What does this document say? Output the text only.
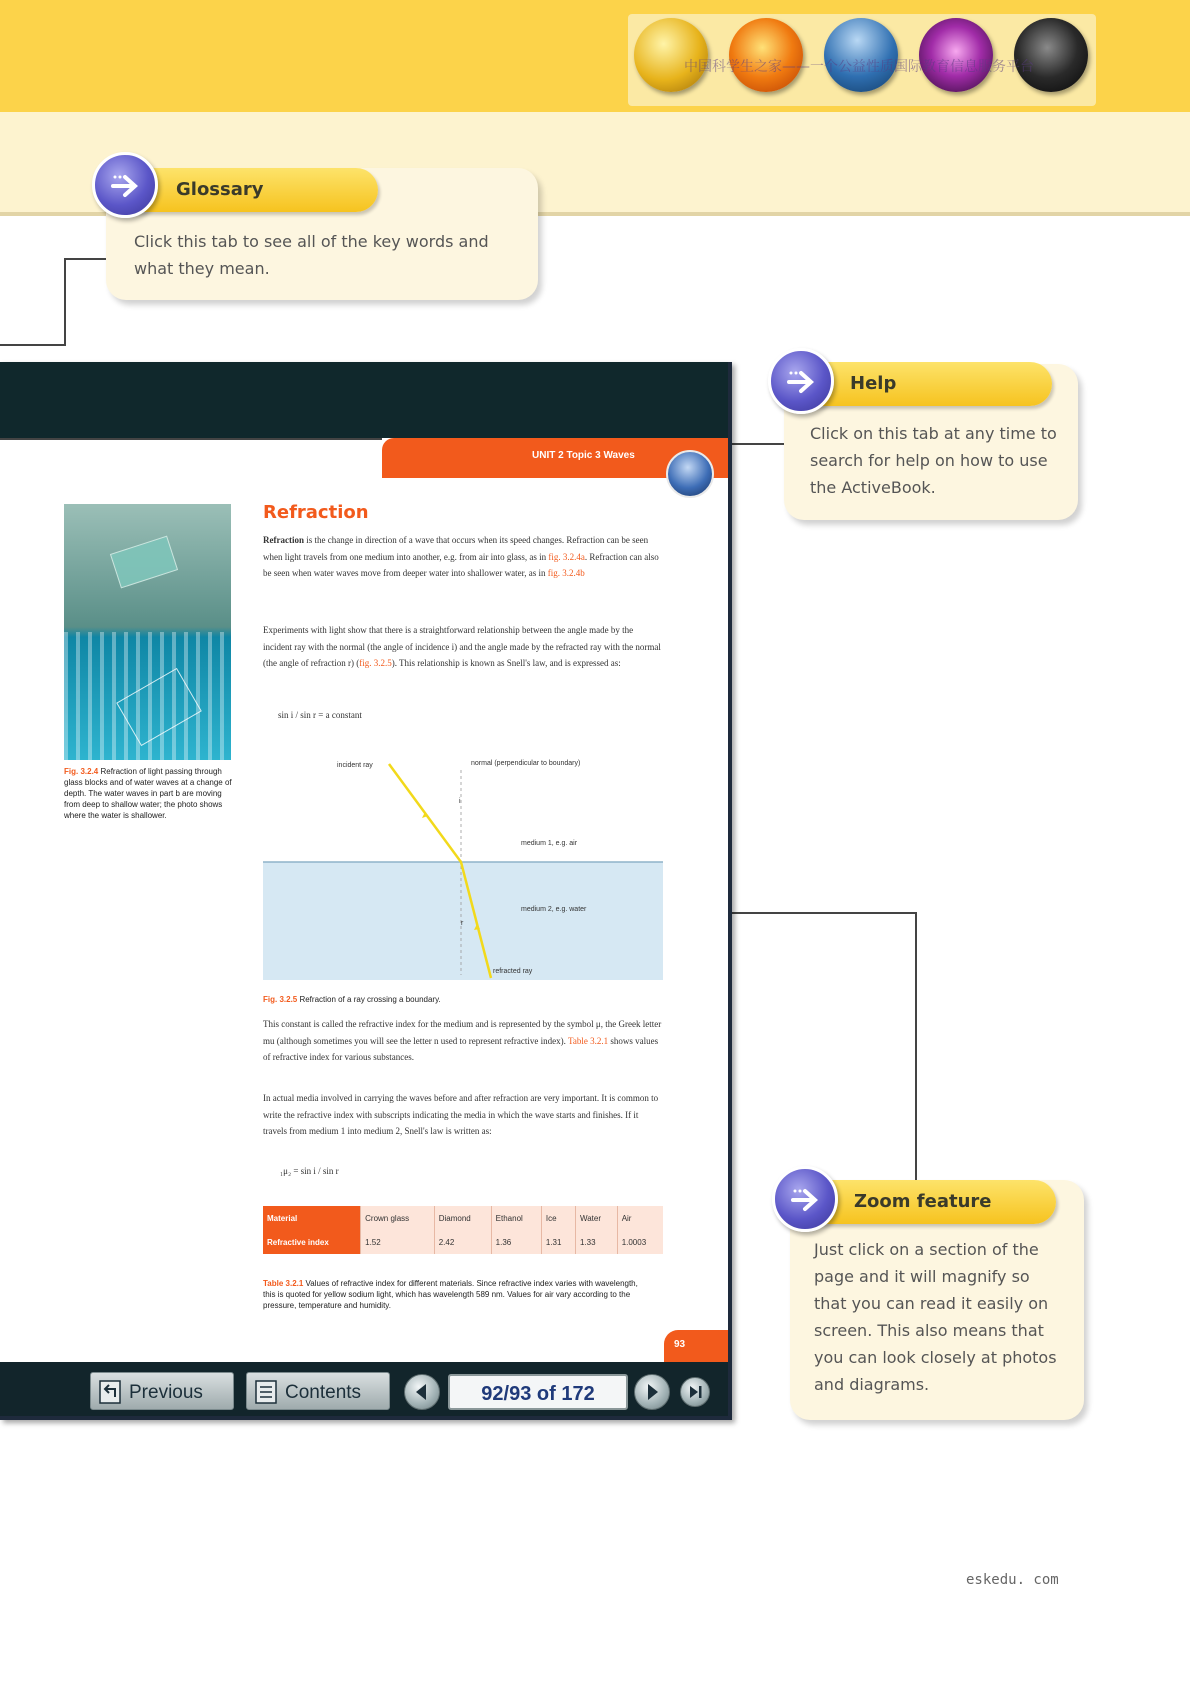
中国科学生之家——一个公益性质国际教育信息服务平台
Click this tab to see all of the key words and what they mean.
Glossary
Click on this tab at any time to search for help on how to use the ActiveBook.
Help
Just click on a section of the page and it will magnify so that you can read it easily on screen. This also means that you can look closely at photos and diagrams.
Zoom feature
UNIT 2 Topic 3 Waves
Fig. 3.2.4 Refraction of light passing through glass blocks and of water waves at a change of depth. The water waves in part b are moving from deep to shallow water; the photo shows where the water is shallower.
Refraction
Refraction is the change in direction of a wave that occurs when its speed changes. Refraction can be seen when light travels from one medium into another, e.g. from air into glass, as in fig. 3.2.4a. Refraction can also be seen when water waves move from deeper water into shallower water, as in fig. 3.2.4b
Experiments with light show that there is a straightforward relationship between the angle made by the incident ray with the normal (the angle of incidence i) and the angle made by the refracted ray with the normal (the angle of refraction r) (fig. 3.2.5). This relationship is known as Snell's law, and is expressed as:
sin i / sin r = a constant
incident ray	normal (perpendicular to boundary)
i
medium 1, e.g. air
medium 2, e.g. water
r
refracted ray
Fig. 3.2.5 Refraction of a ray crossing a boundary.
This constant is called the refractive index for the medium and is represented by the symbol μ, the Greek letter mu (although sometimes you will see the letter n used to represent refractive index). Table 3.2.1 shows values of refractive index for various substances.
In actual media involved in carrying the waves before and after refraction are very important. It is common to write the refractive index with subscripts indicating the media in which the wave starts and finishes. If it travels from medium 1 into medium 2, Snell's law is written as:
₁μ₂ = sin i / sin r
Material	Crown glass	Diamond	Ethanol	Ice	Water	Air
Refractive index	1.52	2.42	1.36	1.31	1.33	1.0003
Table 3.2.1 Values of refractive index for different materials. Since refractive index varies with wavelength, this is quoted for yellow sodium light, which has wavelength 589 nm. Values for air vary according to the pressure, temperature and humidity.
93
Previous	Contents	92/93 of 172
eskedu. com
